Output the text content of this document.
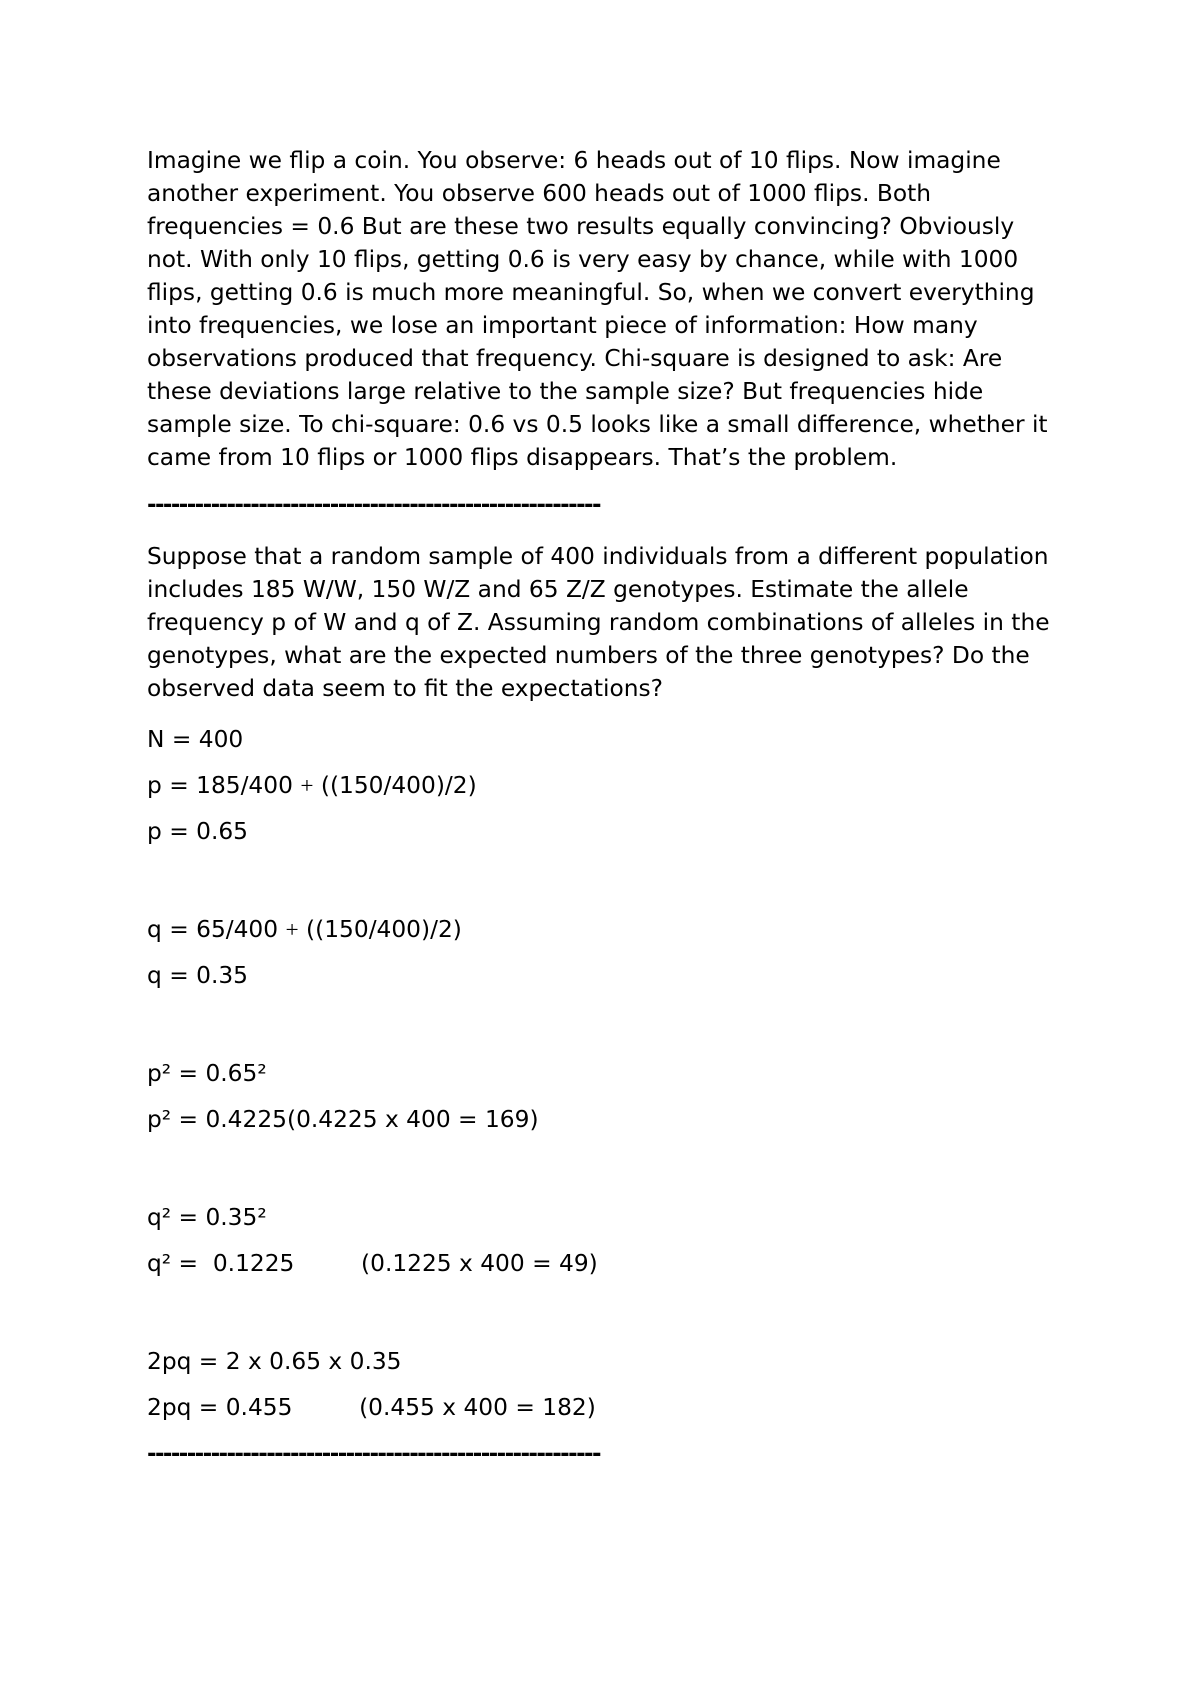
Imagine we flip a coin. You observe: 6 heads out of 10 flips. Now imagine another experiment. You observe 600 heads out of 1000 flips. Both frequencies = 0.6 But are these two results equally convincing? Obviously not. With only 10 flips, getting 0.6 is very easy by chance, while with 1000 flips, getting 0.6 is much more meaningful. So, when we convert everything into frequencies, we lose an important piece of information: How many observations produced that frequency. Chi-square is designed to ask: Are these deviations large relative to the sample size? But frequencies hide sample size. To chi-square: 0.6 vs 0.5 looks like a small difference, whether it came from 10 flips or 1000 flips disappears. That’s the problem.

---------------------------------------------------------

Suppose that a random sample of 400 individuals from a different population includes 185 W/W, 150 W/Z and 65 Z/Z genotypes. Estimate the allele frequency p of W and q of Z. Assuming random combinations of alleles in the genotypes, what are the expected numbers of the three genotypes? Do the observed data seem to fit the expectations?

N = 400

p = 185/400 + ((150/400)/2)

p = 0.65

q = 65/400 + ((150/400)/2)

q = 0.35

p² = 0.65²

p² = 0.4225(0.4225 x 400 = 169)

q² = 0.35²

q² =  0.1225         (0.1225 x 400 = 49)

2pq = 2 x 0.65 x 0.35

2pq = 0.455         (0.455 x 400 = 182)

---------------------------------------------------------
